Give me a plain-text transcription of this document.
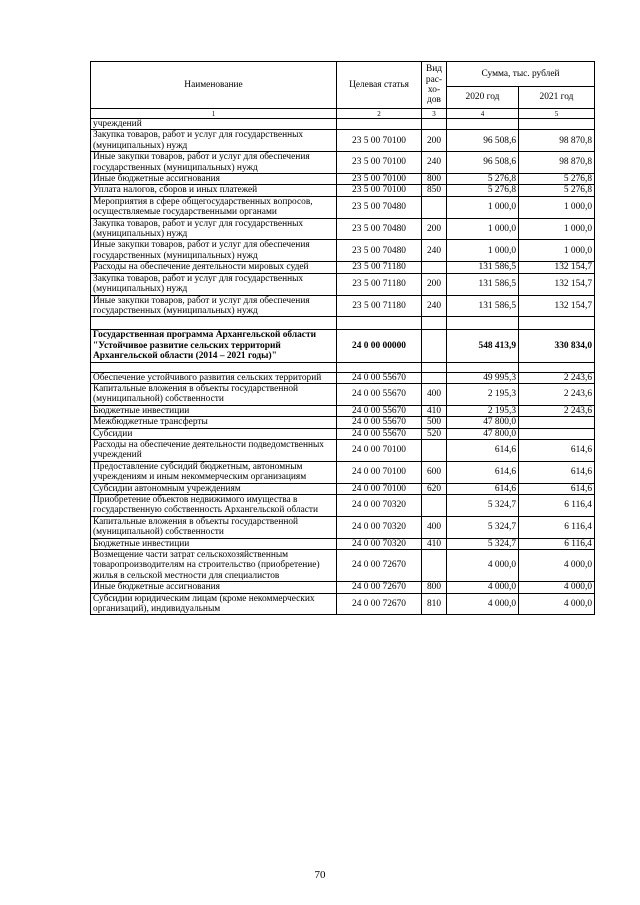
Наименование	Целевая статья	Вид рас-хо-дов	Сумма, тыс. рублей	
			2020 год	2021 год
1	2	3	4	5
учреждений				
Закупка товаров, работ и услуг для государственных (муниципальных) нужд	23 5 00 70100	200	96 508,6	98 870,8
Иные закупки товаров, работ и услуг для обеспечения государственных (муниципальных) нужд	23 5 00 70100	240	96 508,6	98 870,8
Иные бюджетные ассигнования	23 5 00 70100	800	5 276,8	5 276,8
Уплата налогов, сборов и иных платежей	23 5 00 70100	850	5 276,8	5 276,8
Мероприятия в сфере общегосударственных вопросов, осуществляемые государственными органами	23 5 00 70480		1 000,0	1 000,0
Закупка товаров, работ и услуг для государственных (муниципальных) нужд	23 5 00 70480	200	1 000,0	1 000,0
Иные закупки товаров, работ и услуг для обеспечения государственных (муниципальных) нужд	23 5 00 70480	240	1 000,0	1 000,0
Расходы на обеспечение деятельности мировых судей	23 5 00 71180		131 586,5	132 154,7
Закупка товаров, работ и услуг для государственных (муниципальных) нужд	23 5 00 71180	200	131 586,5	132 154,7
Иные закупки товаров, работ и услуг для обеспечения государственных (муниципальных) нужд	23 5 00 71180	240	131 586,5	132 154,7

Государственная программа Архангельской области "Устойчивое развитие сельских территорий Архангельской области (2014 – 2021 годы)"	24 0 00 00000		548 413,9	330 834,0

Обеспечение устойчивого развития сельских территорий	24 0 00 55670		49 995,3	2 243,6
Капитальные вложения в объекты государственной (муниципальной) собственности	24 0 00 55670	400	2 195,3	2 243,6
Бюджетные инвестиции	24 0 00 55670	410	2 195,3	2 243,6
Межбюджетные трансферты	24 0 00 55670	500	47 800,0	
Субсидии	24 0 00 55670	520	47 800,0	
Расходы на обеспечение деятельности подведомственных учреждений	24 0 00 70100		614,6	614,6
Предоставление субсидий бюджетным, автономным учреждениям и иным некоммерческим организациям	24 0 00 70100	600	614,6	614,6
Субсидии автономным учреждениям	24 0 00 70100	620	614,6	614,6
Приобретение объектов недвижимого имущества в государственную собственность Архангельской области	24 0 00 70320		5 324,7	6 116,4
Капитальные вложения в объекты государственной (муниципальной) собственности	24 0 00 70320	400	5 324,7	6 116,4
Бюджетные инвестиции	24 0 00 70320	410	5 324,7	6 116,4
Возмещение части затрат сельскохозяйственным товаропроизводителям на строительство (приобретение) жилья в сельской местности для специалистов	24 0 00 72670		4 000,0	4 000,0
Иные бюджетные ассигнования	24 0 00 72670	800	4 000,0	4 000,0
Субсидии юридическим лицам (кроме некоммерческих организаций), индивидуальным	24 0 00 72670	810	4 000,0	4 000,0
70
